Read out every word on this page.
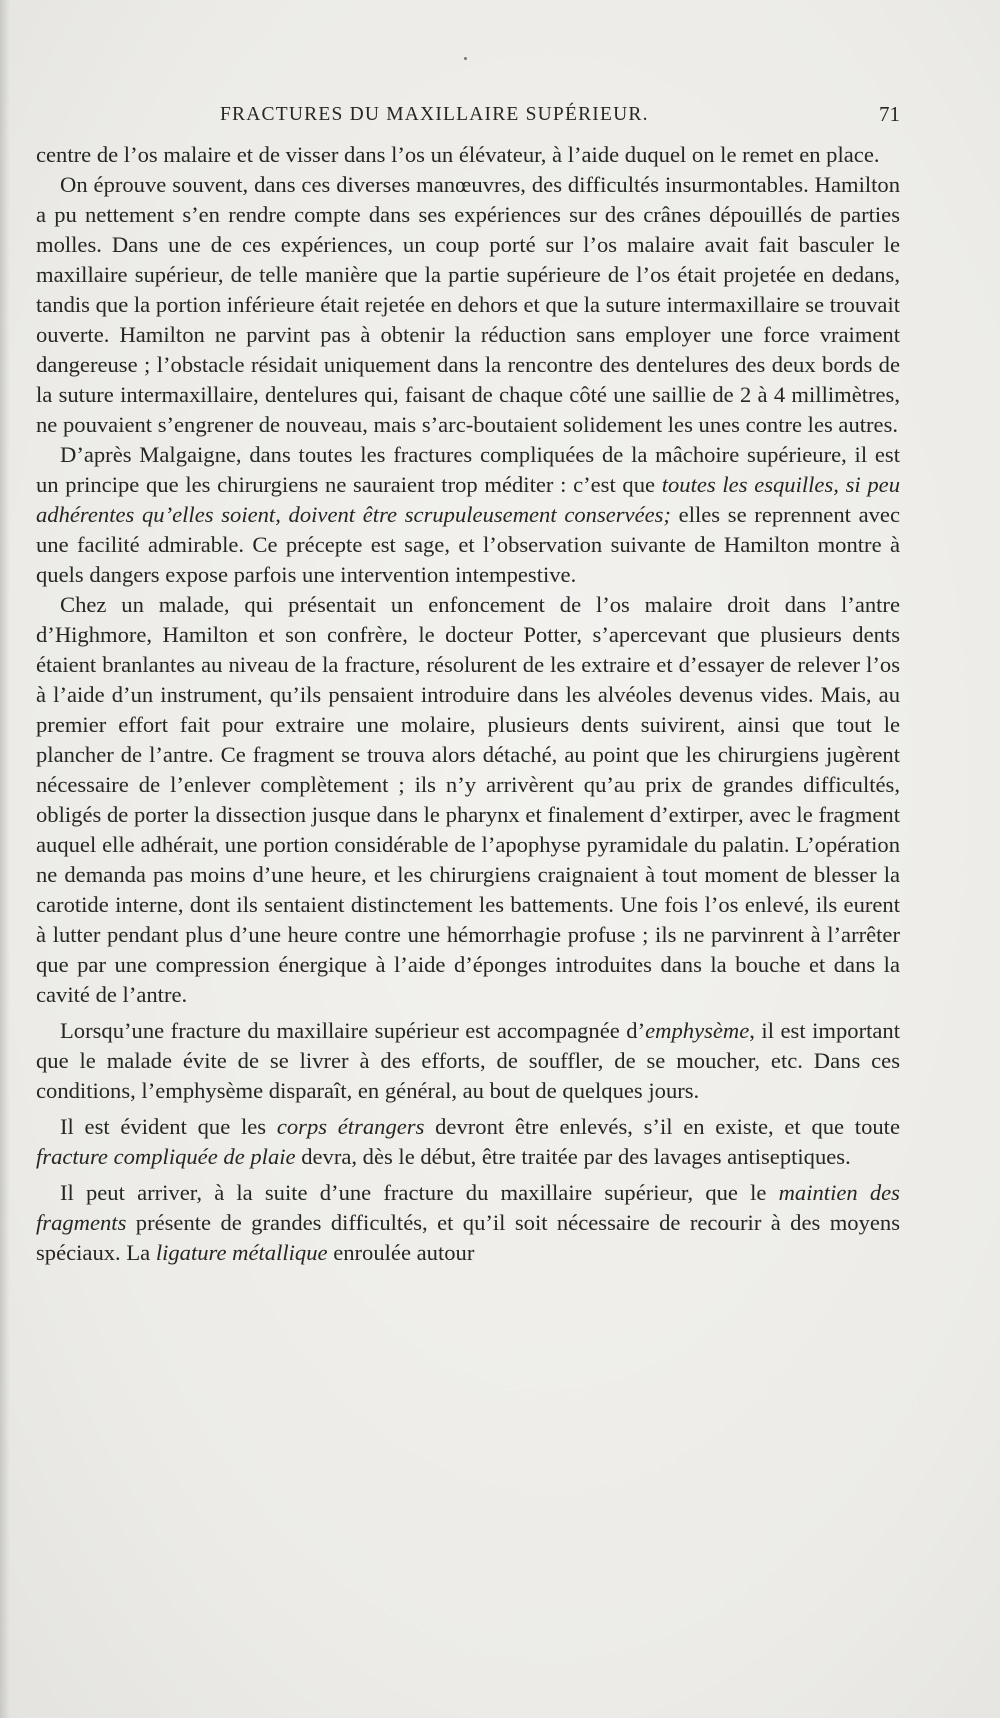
FRACTURES DU MAXILLAIRE SUPÉRIEUR.	71

centre de l’os malaire et de visser dans l’os un élévateur, à l’aide duquel on le remet en place.

On éprouve souvent, dans ces diverses manœuvres, des difficultés insurmontables. Hamilton a pu nettement s’en rendre compte dans ses expériences sur des crânes dépouillés de parties molles. Dans une de ces expériences, un coup porté sur l’os malaire avait fait basculer le maxillaire supérieur, de telle manière que la partie supérieure de l’os était projetée en dedans, tandis que la portion inférieure était rejetée en dehors et que la suture intermaxillaire se trouvait ouverte. Hamilton ne parvint pas à obtenir la réduction sans employer une force vraiment dangereuse ; l’obstacle résidait uniquement dans la rencontre des dentelures des deux bords de la suture intermaxillaire, dentelures qui, faisant de chaque côté une saillie de 2 à 4 millimètres, ne pouvaient s’engrener de nouveau, mais s’arc-boutaient solidement les unes contre les autres.

D’après Malgaigne, dans toutes les fractures compliquées de la mâchoire supérieure, il est un principe que les chirurgiens ne sauraient trop méditer : c’est que toutes les esquilles, si peu adhérentes qu’elles soient, doivent être scrupuleusement conservées; elles se reprennent avec une facilité admirable. Ce précepte est sage, et l’observation suivante de Hamilton montre à quels dangers expose parfois une intervention intempestive.

Chez un malade, qui présentait un enfoncement de l’os malaire droit dans l’antre d’Highmore, Hamilton et son confrère, le docteur Potter, s’apercevant que plusieurs dents étaient branlantes au niveau de la fracture, résolurent de les extraire et d’essayer de relever l’os à l’aide d’un instrument, qu’ils pensaient introduire dans les alvéoles devenus vides. Mais, au premier effort fait pour extraire une molaire, plusieurs dents suivirent, ainsi que tout le plancher de l’antre. Ce fragment se trouva alors détaché, au point que les chirurgiens jugèrent nécessaire de l’enlever complètement ; ils n’y arrivèrent qu’au prix de grandes difficultés, obligés de porter la dissection jusque dans le pharynx et finalement d’extirper, avec le fragment auquel elle adhérait, une portion considérable de l’apophyse pyramidale du palatin. L’opération ne demanda pas moins d’une heure, et les chirurgiens craignaient à tout moment de blesser la carotide interne, dont ils sentaient distinctement les battements. Une fois l’os enlevé, ils eurent à lutter pendant plus d’une heure contre une hémorrhagie profuse ; ils ne parvinrent à l’arrêter que par une compression énergique à l’aide d’éponges introduites dans la bouche et dans la cavité de l’antre.

Lorsqu’une fracture du maxillaire supérieur est accompagnée d’emphysème, il est important que le malade évite de se livrer à des efforts, de souffler, de se moucher, etc. Dans ces conditions, l’emphysème disparaît, en général, au bout de quelques jours.

Il est évident que les corps étrangers devront être enlevés, s’il en existe, et que toute fracture compliquée de plaie devra, dès le début, être traitée par des lavages antiseptiques.

Il peut arriver, à la suite d’une fracture du maxillaire supérieur, que le maintien des fragments présente de grandes difficultés, et qu’il soit nécessaire de recourir à des moyens spéciaux. La ligature métallique enroulée autour
